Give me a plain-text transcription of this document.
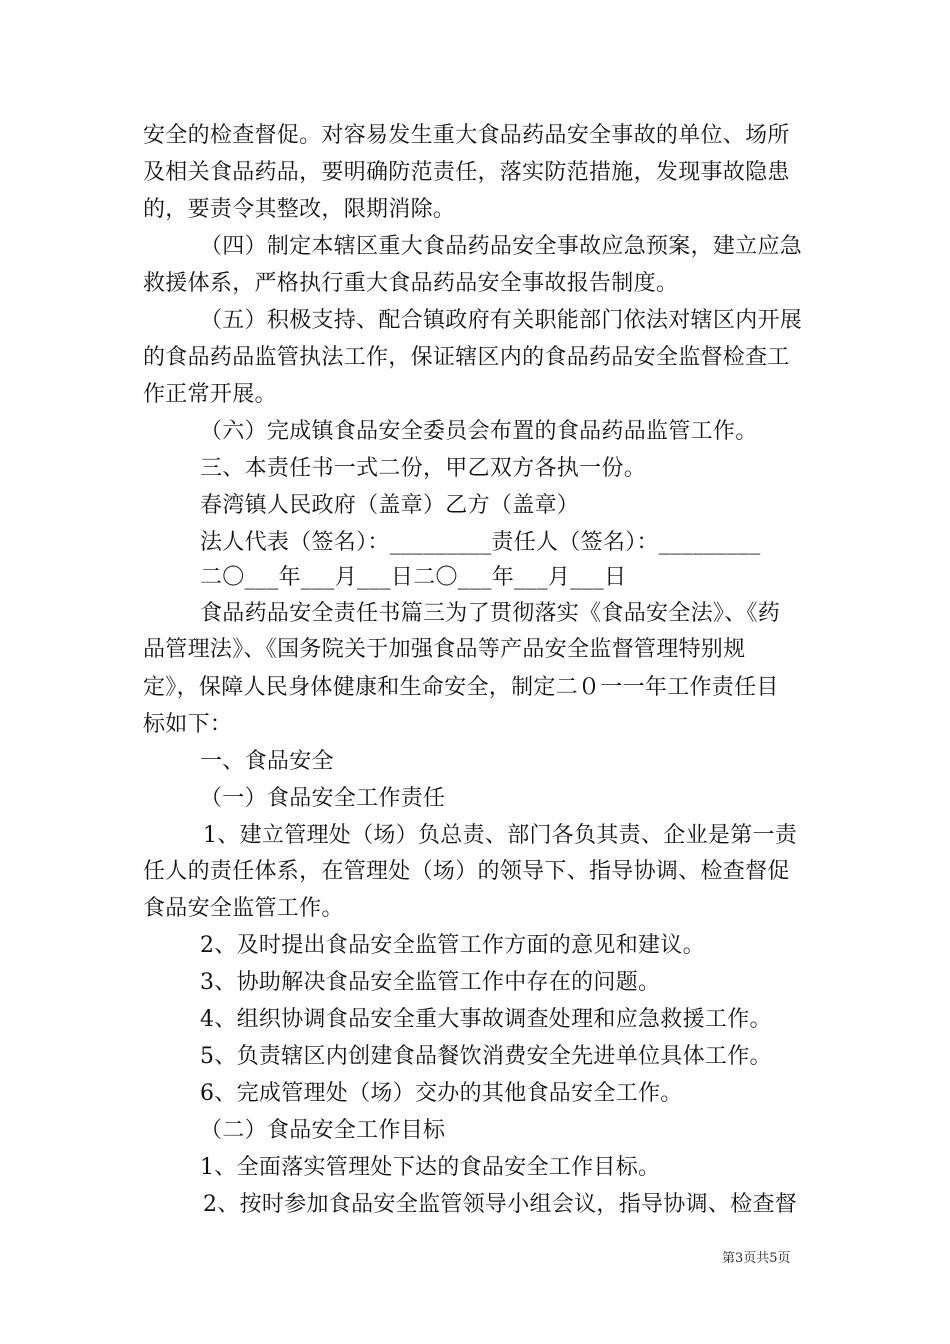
安全的检查督促。对容易发生重大食品药品安全事故的单位、场所
及相关食品药品，要明确防范责任，落实防范措施，发现事故隐患
的，要责令其整改，限期消除。
（四）制定本辖区重大食品药品安全事故应急预案，建立应急
救援体系，严格执行重大食品药品安全事故报告制度。
（五）积极支持、配合镇政府有关职能部门依法对辖区内开展
的食品药品监管执法工作，保证辖区内的食品药品安全监督检查工
作正常开展。
（六）完成镇食品安全委员会布置的食品药品监管工作。
三、本责任书一式二份，甲乙双方各执一份。
春湾镇人民政府（盖章）乙方（盖章）
法人代表（签名）：_________责任人（签名）：_________
二〇___年___月___日二〇___年___月___日
食品药品安全责任书篇三为了贯彻落实《食品安全法》、《药
品管理法》、《国务院关于加强食品等产品安全监督管理特别规
定》，保障人民身体健康和生命安全，制定二０一一年工作责任目
标如下：
一、食品安全
（一）食品安全工作责任
1、建立管理处（场）负总责、部门各负其责、企业是第一责
任人的责任体系，在管理处（场）的领导下、指导协调、检查督促
食品安全监管工作。
2、及时提出食品安全监管工作方面的意见和建议。
3、协助解决食品安全监管工作中存在的问题。
4、组织协调食品安全重大事故调查处理和应急救援工作。
5、负责辖区内创建食品餐饮消费安全先进单位具体工作。
6、完成管理处（场）交办的其他食品安全工作。
（二）食品安全工作目标
1、全面落实管理处下达的食品安全工作目标。
2、按时参加食品安全监管领导小组会议，指导协调、检查督
第3页共5页
